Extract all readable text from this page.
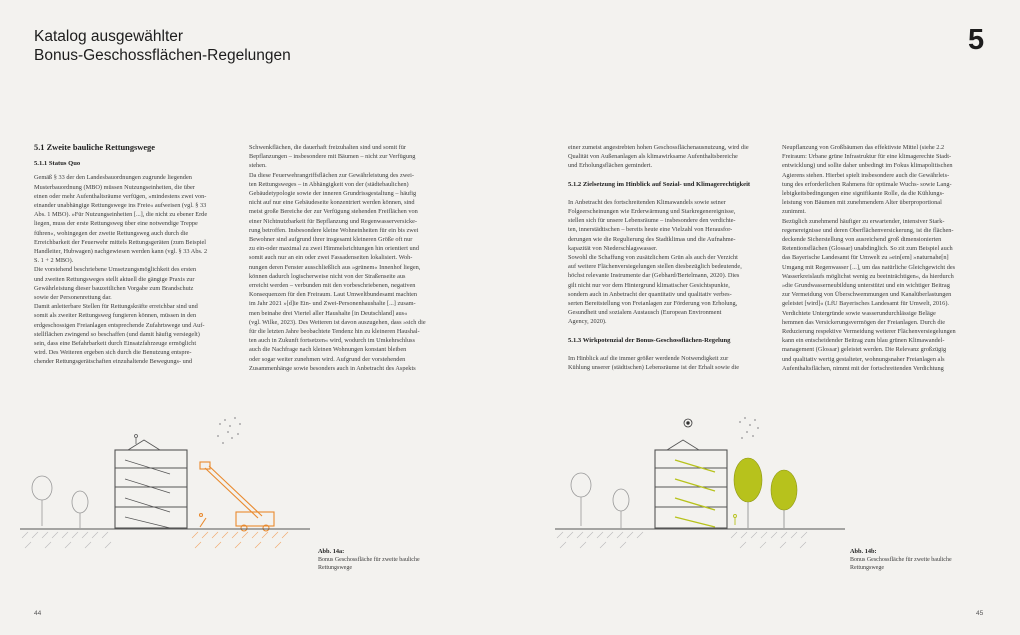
Katalog ausgewählter
Bonus-Geschossflächen-Regelungen	5

5.1 Zweite bauliche Rettungswege

5.1.1 Status Quo

Gemäß § 33 der den Landesbauordnungen zugrunde liegenden

Musterbauordnung (MBO) müssen Nutzungseinheiten, die über

einen oder mehr Aufenthaltsräume verfügen, »mindestens zwei von-

einander unabhängige Rettungswege ins Freie« aufweisen (vgl. § 33

Abs. 1 MBO). »Für Nutzungseinheiten [...], die nicht zu ebener Erde

liegen, muss der erste Rettungsweg über eine notwendige Treppe

führen«, wohingegen der zweite Rettungsweg auch durch die

Erreichbarkeit der Feuerwehr mittels Rettungsgeräten (zum Beispiel

Handleiter, Hubwagen) nachgewiesen werden kann (vgl. § 33 Abs. 2

S. 1 + 2 MBO).

Die vorstehend beschriebene Umsetzungsmöglichkeit des ersten

und zweiten Rettungsweges stellt aktuell die gängige Praxis zur

Gewährleistung dieser bauzeitlichen Vorgabe zum Brandschutz

sowie der Personenrettung dar.

Damit anleiterbare Stellen für Rettungskräfte erreichbar sind und

somit als zweiter Rettungsweg fungieren können, müssen in den

erdgeschossigen Freianlagen entsprechende Zufahrtswege und Auf-

stellflächen zwingend so beschaffen (und damit häufig versiegelt)

sein, dass eine Befahrbarkeit durch Einsatzfahrzeuge ermöglicht

wird. Des Weiteren ergeben sich durch die Benutzung entspre-

chender Rettungsgerätschaften einzuhaltende Bewegungs- und

Schwenkflächen, die dauerhaft freizuhalten sind und somit für

Bepflanzungen – insbesondere mit Bäumen – nicht zur Verfügung

stehen.

Da diese Feuerwehrangriffsflächen zur Gewährleistung des zwei-

ten Rettungsweges – in Abhängigkeit von der (städtebaulichen)

Gebäudetypologie sowie der inneren Grundrissgestaltung – häufig

nicht auf nur eine Gebäudeseite konzentriert werden können, sind

meist große Bereiche der zur Verfügung stehenden Freiflächen von

einer Nichtnutzbarkeit für Bepflanzung und Regenwasserversicke-

rung betroffen. Insbesondere kleine Wohneinheiten für ein bis zwei

Bewohner sind aufgrund ihrer insgesamt kleineren Größe oft nur

zu ein-oder maximal zu zwei Himmelsrichtungen hin orientiert und

somit auch nur an ein oder zwei Fassadenseiten lokalisiert. Woh-

nungen deren Fenster ausschließlich aus »grünem« Innenhof liegen,

können dadurch logischerweise nicht von der Straßenseite aus

erreicht werden – verbunden mit den vorbeschriebenen, negativen

Konsequenzen für den Freiraum. Laut Umweltbundesamt machten

im Jahr 2021 »[d]ie Ein- und Zwei-Personenhaushalte [...] zusam-

men beinahe drei Viertel aller Haushalte [in Deutschland] aus«

(vgl. Wilke, 2023). Des Weiteren ist davon auszugehen, dass »sich die

für die letzten Jahre beobachtete Tendenz hin zu kleineren Haushal-

ten auch in Zukunft fortsetzen« wird, wodurch im Umkehrschluss

auch die Nachfrage nach kleinen Wohnungen konstant bleiben

oder sogar weiter zunehmen wird. Aufgrund der vorstehenden

Zusammenhänge sowie besonders auch in Anbetracht des Aspekts

einer zumeist angestrebten hohen Geschossflächenausnutzung, wird die

Qualität von Außenanlagen als klimawirksame Aufenthaltsbereiche

und Erholungsflächen gemindert.

5.1.2 Zielsetzung im Hinblick auf Sozial- und Klimagerechtigkeit

In Anbetracht des fortschreitenden Klimawandels sowie seiner

Folgeerscheinungen wie Erderwärmung und Starkregenereignisse,

stellen sich für unsere Lebensräume – insbesondere den verdichte-

ten, innerstädtischen – bereits heute eine Vielzahl von Herausfor-

derungen wie die Regulierung des Stadtklimas und die Aufnahme-

kapazität von Niederschlagswasser.

Sowohl die Schaffung von zusätzlichem Grün als auch der Verzicht

auf weitere Flächenversiegelungen stellen diesbezüglich bedeutende,

höchst relevante Instrumente dar (Gebhard/Bertelmann, 2020). Dies

gilt nicht nur vor dem Hintergrund klimatischer Gesichtspunkte,

sondern auch in Anbetracht der quantitativ und qualitativ verbes-

serten Bereitstellung von Freianlagen zur Förderung von Erholung,

Gesundheit und sozialem Austausch (European Environment

Agency, 2020).

5.1.3 Wirkpotenzial der Bonus-Geschossflächen-Regelung

Im Hinblick auf die immer größer werdende Notwendigkeit zur

Kühlung unserer (städtischen) Lebensräume ist der Erhalt sowie die

Neupflanzung von Großbäumen das effektivste Mittel (siehe 2.2

Freiraum: Urbane grüne Infrastruktur für eine klimagerechte Stadt-

entwicklung) und sollte daher unbedingt im Fokus klimapolitischen

Agierens stehen. Hierbei spielt insbesondere auch die Gewährleis-

tung des erforderlichen Rahmens für optimale Wuchs- sowie Lang-

lebigkeitsbedingungen eine signifikante Rolle, da die Kühlungs-

leistung von Bäumen mit zunehmendem Alter überproportional

zunimmt.

Bezüglich zunehmend häufiger zu erwartender, intensiver Stark-

regenereignisse und deren Oberflächenversickerung, ist die flächen-

deckende Sicherstellung von ausreichend groß dimensionierten

Retentionsflächen (Glossar) unabdinglich. So zit zum Beispiel auch

das Bayerische Landesamt für Umwelt zu »ein[em] »naturnahe[n]

Umgang mit Regenwasser [...], um das natürliche Gleichgewicht des

Wasserkreislaufs möglichst wenig zu beeinträchtigen«, da hierdurch

»die Grundwasserneubildung unterstützt und ein wichtiger Beitrag

zur Vermeidung von Überschwemmungen und Kanalüberlastungen

geleistet [wird]« (LfU Bayerisches Landesamt für Umwelt, 2016).

Verdichtete Untergründe sowie wasserundurchlässige Beläge

hemmen das Versickerungsvermögen der Freianlagen. Durch die

Reduzierung respektive Vermeidung weiterer Flächenversiegelungen

kann ein entscheidender Beitrag zum blau grünen Klimawandel-

management (Glossar) geleistet werden. Die Relevanz großzügig

und qualitativ wertig gestalteter, wohnungsnaher Freianlagen als

Aufenthaltsflächen, nimmt mit der fortschreitenden Verdichtung

Abb. 14a:
Bonus Geschossfläche für zweite bauliche
Rettungswege
Abb. 14b:
Bonus Geschossfläche für zweite bauliche
Rettungswege
44	45
